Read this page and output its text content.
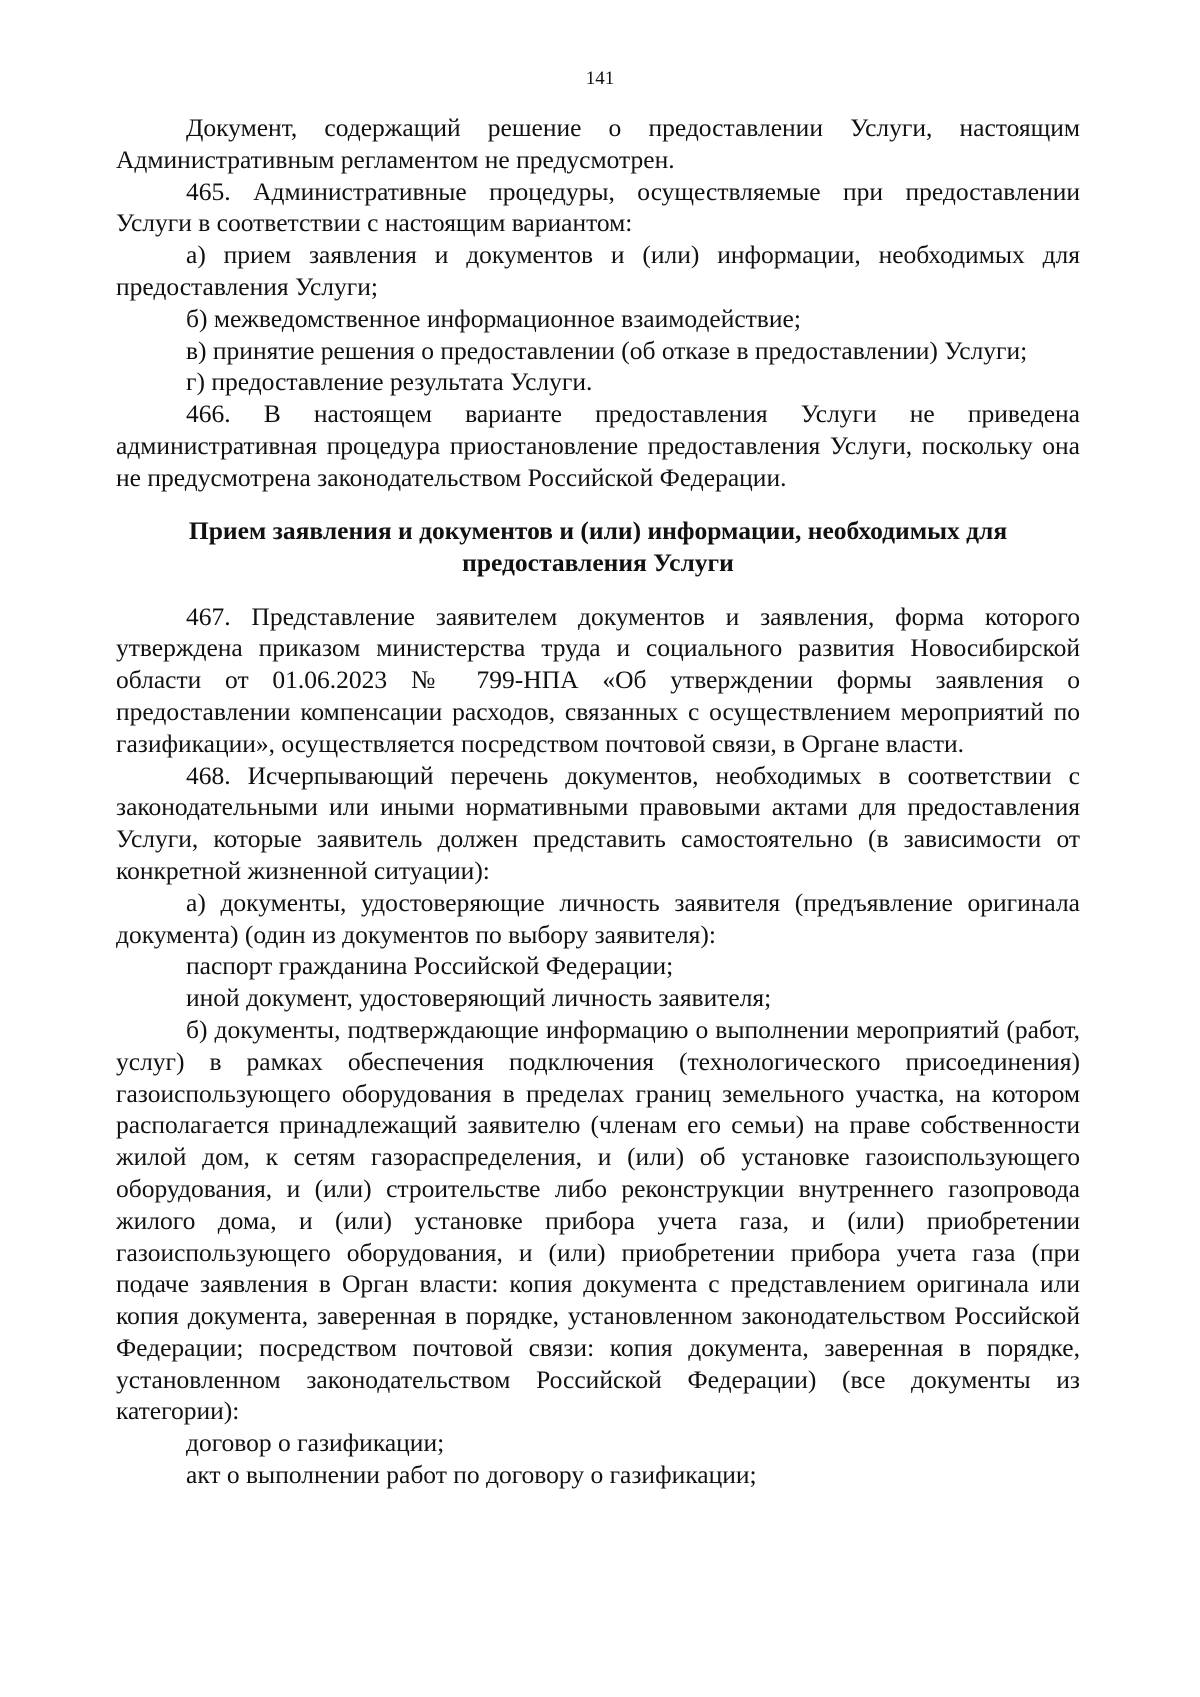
141

Документ, содержащий решение о предоставлении Услуги, настоящим Административным регламентом не предусмотрен.

465. Административные процедуры, осуществляемые при предоставлении Услуги в соответствии с настоящим вариантом:

а) прием заявления и документов и (или) информации, необходимых для предоставления Услуги;

б) межведомственное информационное взаимодействие;

в) принятие решения о предоставлении (об отказе в предоставлении) Услуги;

г) предоставление результата Услуги.

466. В настоящем варианте предоставления Услуги не приведена административная процедура приостановление предоставления Услуги, поскольку она не предусмотрена законодательством Российской Федерации.

Прием заявления и документов и (или) информации, необходимых для предоставления Услуги

467. Представление заявителем документов и заявления, форма которого утверждена приказом министерства труда и социального развития Новосибирской области от 01.06.2023 № 799-НПА «Об утверждении формы заявления о предоставлении компенсации расходов, связанных с осуществлением мероприятий по газификации», осуществляется посредством почтовой связи, в Органе власти.

468. Исчерпывающий перечень документов, необходимых в соответствии с законодательными или иными нормативными правовыми актами для предоставления Услуги, которые заявитель должен представить самостоятельно (в зависимости от конкретной жизненной ситуации):

а) документы, удостоверяющие личность заявителя (предъявление оригинала документа) (один из документов по выбору заявителя):

паспорт гражданина Российской Федерации;

иной документ, удостоверяющий личность заявителя;

б) документы, подтверждающие информацию о выполнении мероприятий (работ, услуг) в рамках обеспечения подключения (технологического присоединения) газоиспользующего оборудования в пределах границ земельного участка, на котором располагается принадлежащий заявителю (членам его семьи) на праве собственности жилой дом, к сетям газораспределения, и (или) об установке газоиспользующего оборудования, и (или) строительстве либо реконструкции внутреннего газопровода жилого дома, и (или) установке прибора учета газа, и (или) приобретении газоиспользующего оборудования, и (или) приобретении прибора учета газа (при подаче заявления в Орган власти: копия документа с представлением оригинала или копия документа, заверенная в порядке, установленном законодательством Российской Федерации; посредством почтовой связи: копия документа, заверенная в порядке, установленном законодательством Российской Федерации) (все документы из категории):

договор о газификации;

акт о выполнении работ по договору о газификации;
